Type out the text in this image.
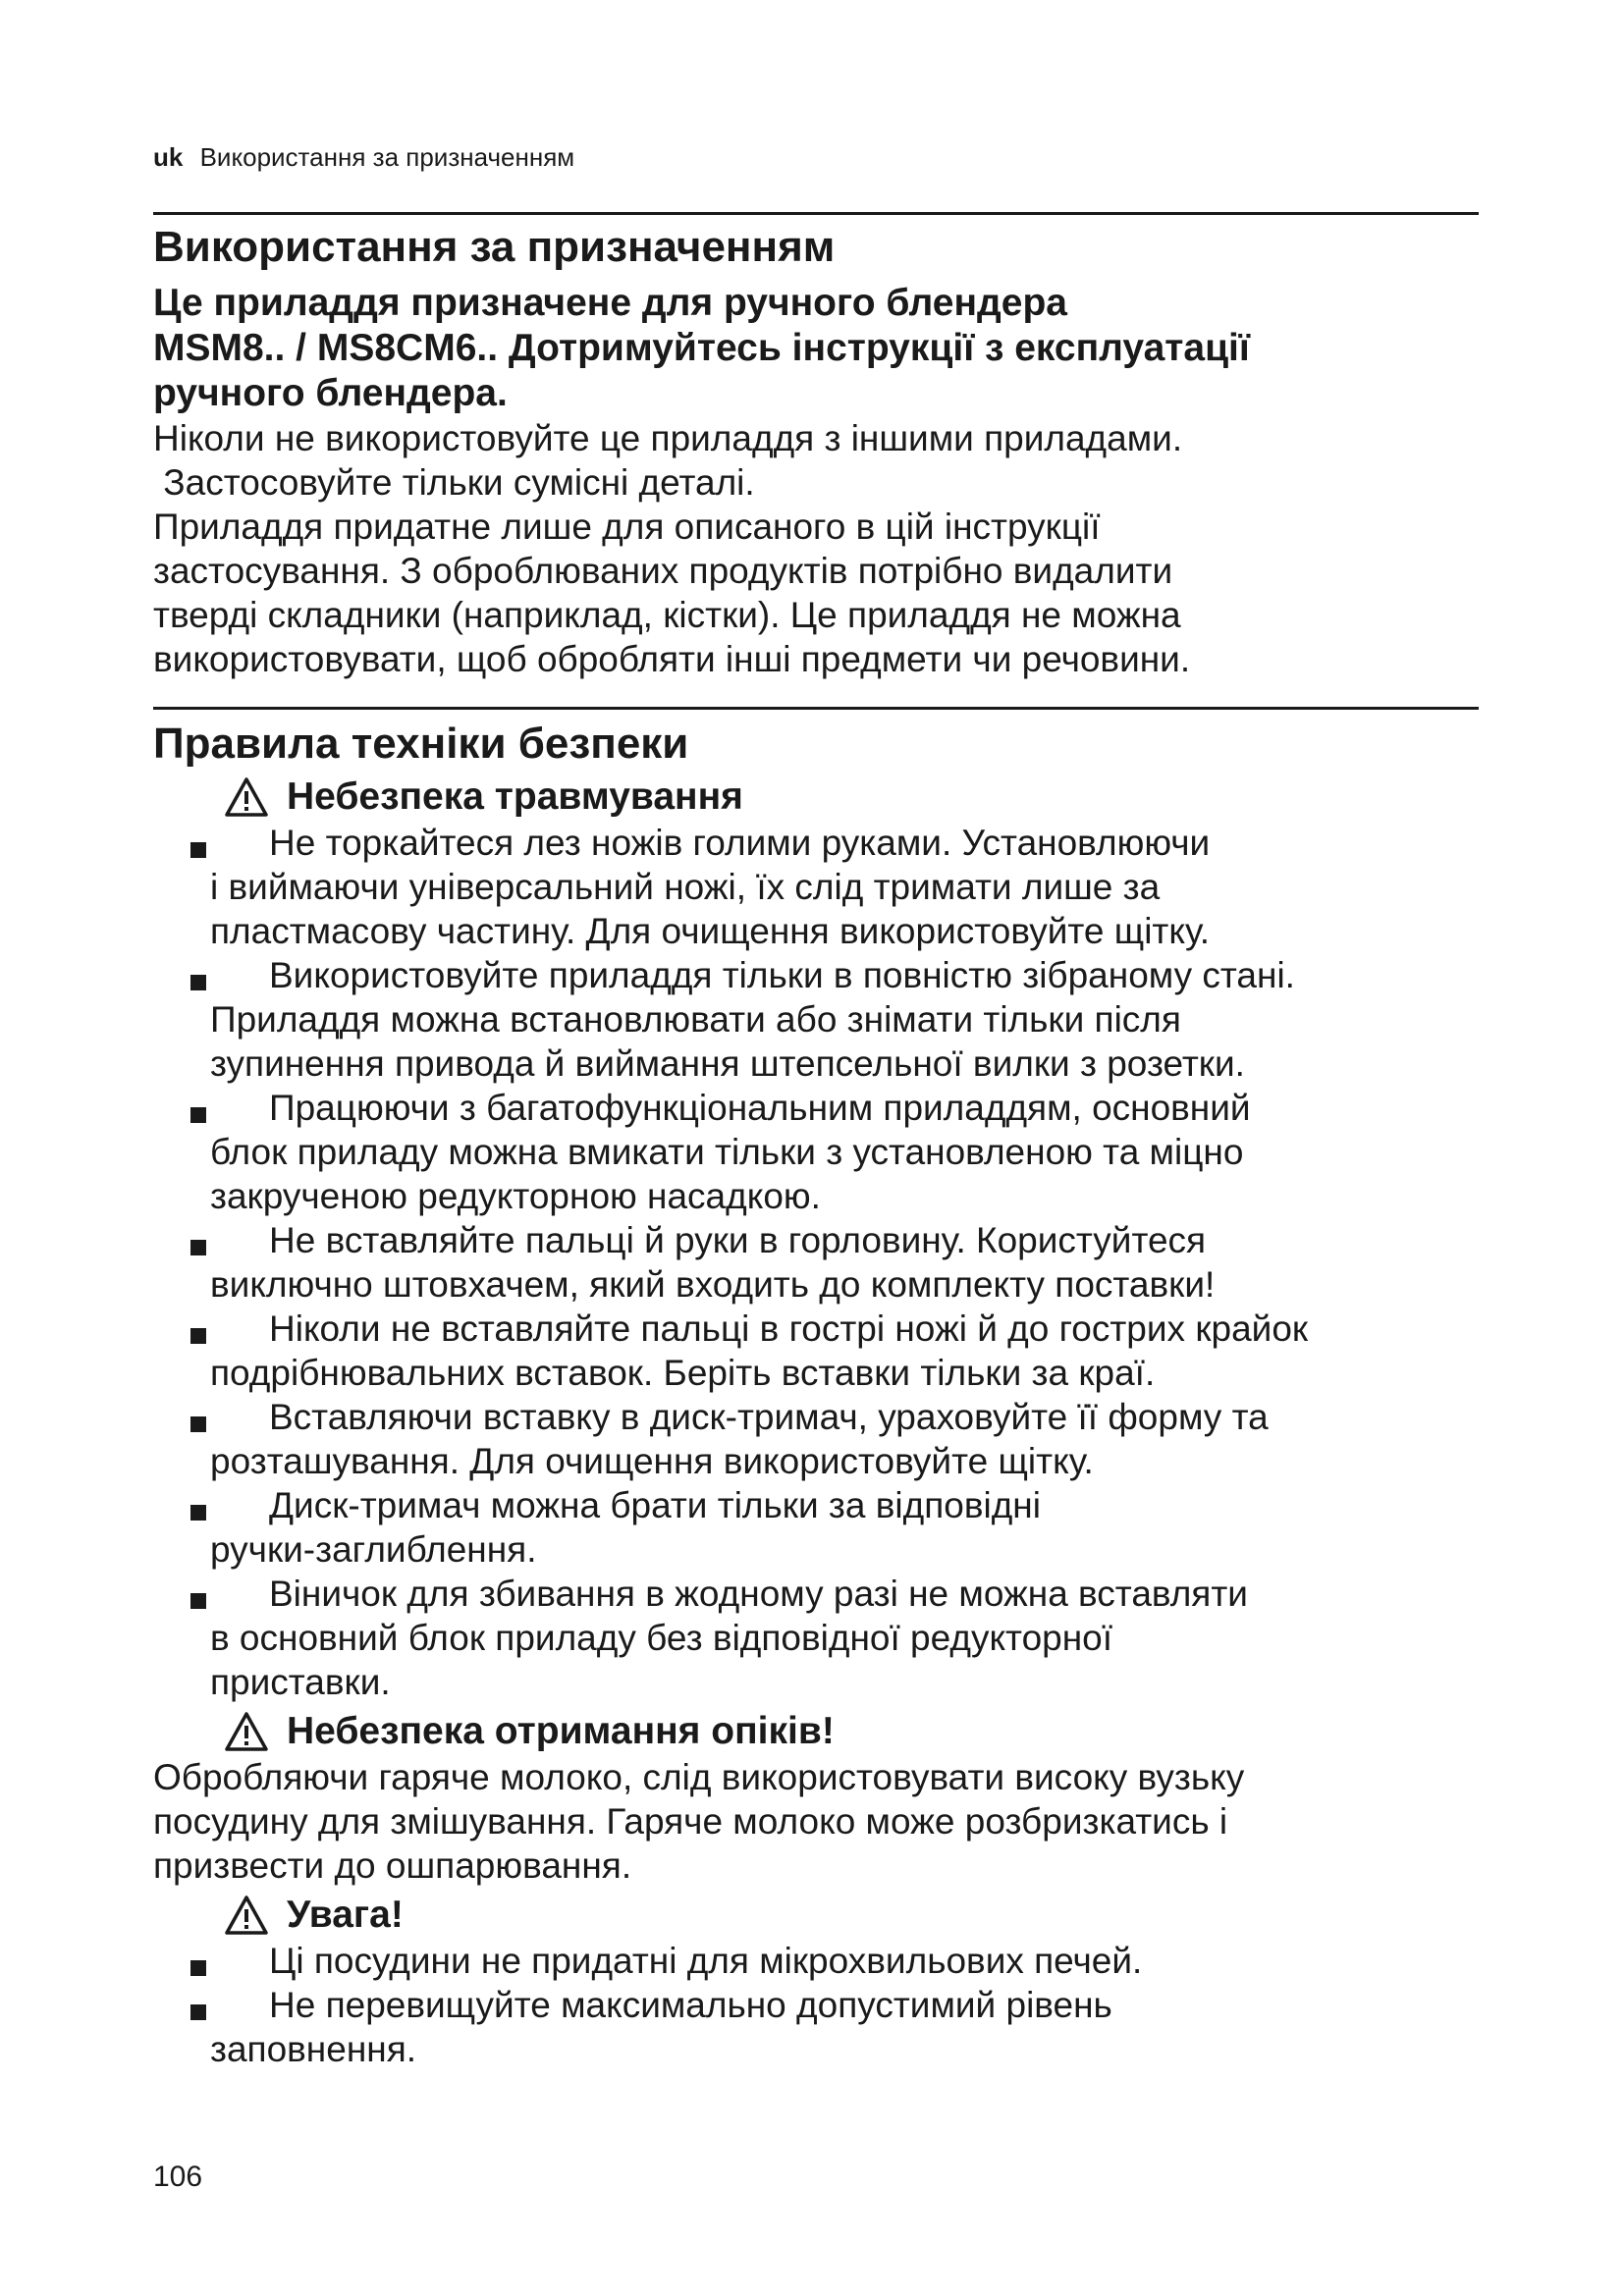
uk Використання за призначенням
Використання за призначенням
Це приладдя призначене для ручного блендера
MSM8.. / MS8CM6.. Дотримуйтесь інструкції з експлуатації
ручного блендера.
Ніколи не використовуйте це приладдя з іншими приладами.
Застосовуйте тільки сумісні деталі.
Приладдя придатне лише для описаного в цій інструкції
застосування. З оброблюваних продуктів потрібно видалити
тверді складники (наприклад, кістки). Це приладдя не можна
використовувати, щоб обробляти інші предмети чи речовини.
Правила техніки безпеки
Небезпека травмування
Не торкайтеся лез ножів голими руками. Установлюючи
і виймаючи універсальний ножі, їх слід тримати лише за
пластмасову частину. Для очищення використовуйте щітку.
Використовуйте приладдя тільки в повністю зібраному стані.
Приладдя можна встановлювати або знімати тільки після
зупинення привода й виймання штепсельної вилки з розетки.
Працюючи з багатофункціональним приладдям, основний
блок приладу можна вмикати тільки з установленою та міцно
закрученою редукторною насадкою.
Не вставляйте пальці й руки в горловину. Користуйтеся
виключно штовхачем, який входить до комплекту поставки!
Ніколи не вставляйте пальці в гострі ножі й до гострих крайок
подрібнювальних вставок. Беріть вставки тільки за краї.
Вставляючи вставку в диск-тримач, ураховуйте її форму та
розташування. Для очищення використовуйте щітку.
Диск-тримач можна брати тільки за відповідні
ручки-заглиблення.
Віничок для збивання в жодному разі не можна вставляти
в основний блок приладу без відповідної редукторної
приставки.
Небезпека отримання опіків!
Обробляючи гаряче молоко, слід використовувати високу вузьку
посудину для змішування. Гаряче молоко може розбризкатись і
призвести до ошпарювання.
Увага!
Ці посудини не придатні для мікрохвильових печей.
Не перевищуйте максимально допустимий рівень
заповнення.
106
